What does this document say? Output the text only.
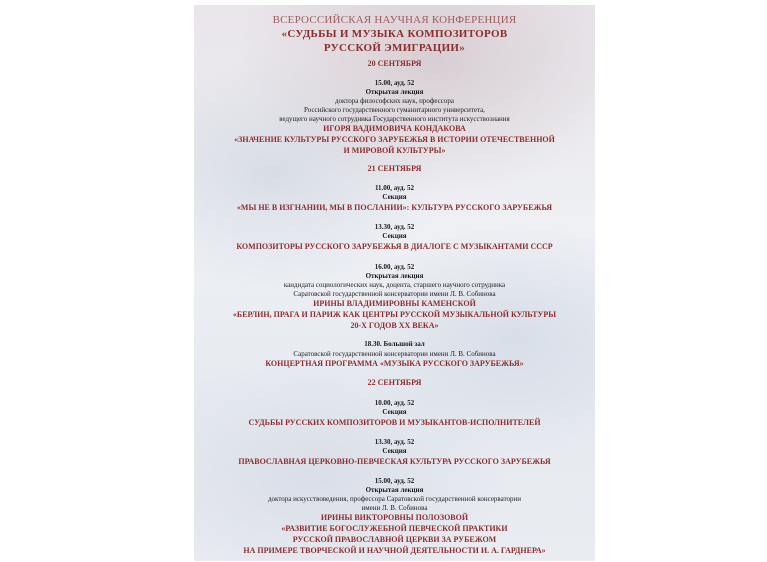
ВСЕРОССИЙСКАЯ НАУЧНАЯ КОНФЕРЕНЦИЯ
«СУДЬБЫ И МУЗЫКА КОМПОЗИТОРОВ
РУССКОЙ ЭМИГРАЦИИ»
20 СЕНТЯБРЯ
15.00, ауд. 52
Открытая лекция
доктора философских наук, профессора
Российского государственного гуманитарного университета,
ведущего научного сотрудника Государственного института искусствознания
ИГОРЯ ВАДИМОВИЧА КОНДАКОВА
«ЗНАЧЕНИЕ КУЛЬТУРЫ РУССКОГО ЗАРУБЕЖЬЯ В ИСТОРИИ ОТЕЧЕСТВЕННОЙ
И МИРОВОЙ КУЛЬТУРЫ»
21 СЕНТЯБРЯ
11.00, ауд. 52
Секция
«МЫ НЕ В ИЗГНАНИИ, МЫ В ПОСЛАНИИ»: КУЛЬТУРА РУССКОГО ЗАРУБЕЖЬЯ
13.30, ауд. 52
Секция
КОМПОЗИТОРЫ РУССКОГО ЗАРУБЕЖЬЯ В ДИАЛОГЕ С МУЗЫКАНТАМИ СССР
16.00, ауд. 52
Открытая лекция
кандидата социологических наук, доцента, старшего научного сотрудника
Саратовской государственной консерватории имени Л. В. Собинова
ИРИНЫ ВЛАДИМИРОВНЫ КАМЕНСКОЙ
«БЕРЛИН, ПРАГА И ПАРИЖ КАК ЦЕНТРЫ РУССКОЙ МУЗЫКАЛЬНОЙ КУЛЬТУРЫ
20-Х ГОДОВ ХХ ВЕКА»
18.30. Большой зал
Саратовской государственной консерватории имени Л. В. Собинова
КОНЦЕРТНАЯ ПРОГРАММА «МУЗЫКА РУССКОГО ЗАРУБЕЖЬЯ»
22 СЕНТЯБРЯ
10.00, ауд. 52
Секция
СУДЬБЫ РУССКИХ КОМПОЗИТОРОВ И МУЗЫКАНТОВ-ИСПОЛНИТЕЛЕЙ
13.30, ауд. 52
Секция
ПРАВОСЛАВНАЯ ЦЕРКОВНО-ПЕВЧЕСКАЯ КУЛЬТУРА РУССКОГО ЗАРУБЕЖЬЯ
15.00, ауд. 52
Открытая лекция
доктора искусствоведения, профессора Саратовской государственной консерватории
имени Л. В. Собинова
ИРИНЫ ВИКТОРОВНЫ ПОЛОЗОВОЙ
«РАЗВИТИЕ БОГОСЛУЖЕБНОЙ ПЕВЧЕСКОЙ ПРАКТИКИ
РУССКОЙ ПРАВОСЛАВНОЙ ЦЕРКВИ ЗА РУБЕЖОМ
НА ПРИМЕРЕ ТВОРЧЕСКОЙ И НАУЧНОЙ ДЕЯТЕЛЬНОСТИ И. А. ГАРДНЕРА»
